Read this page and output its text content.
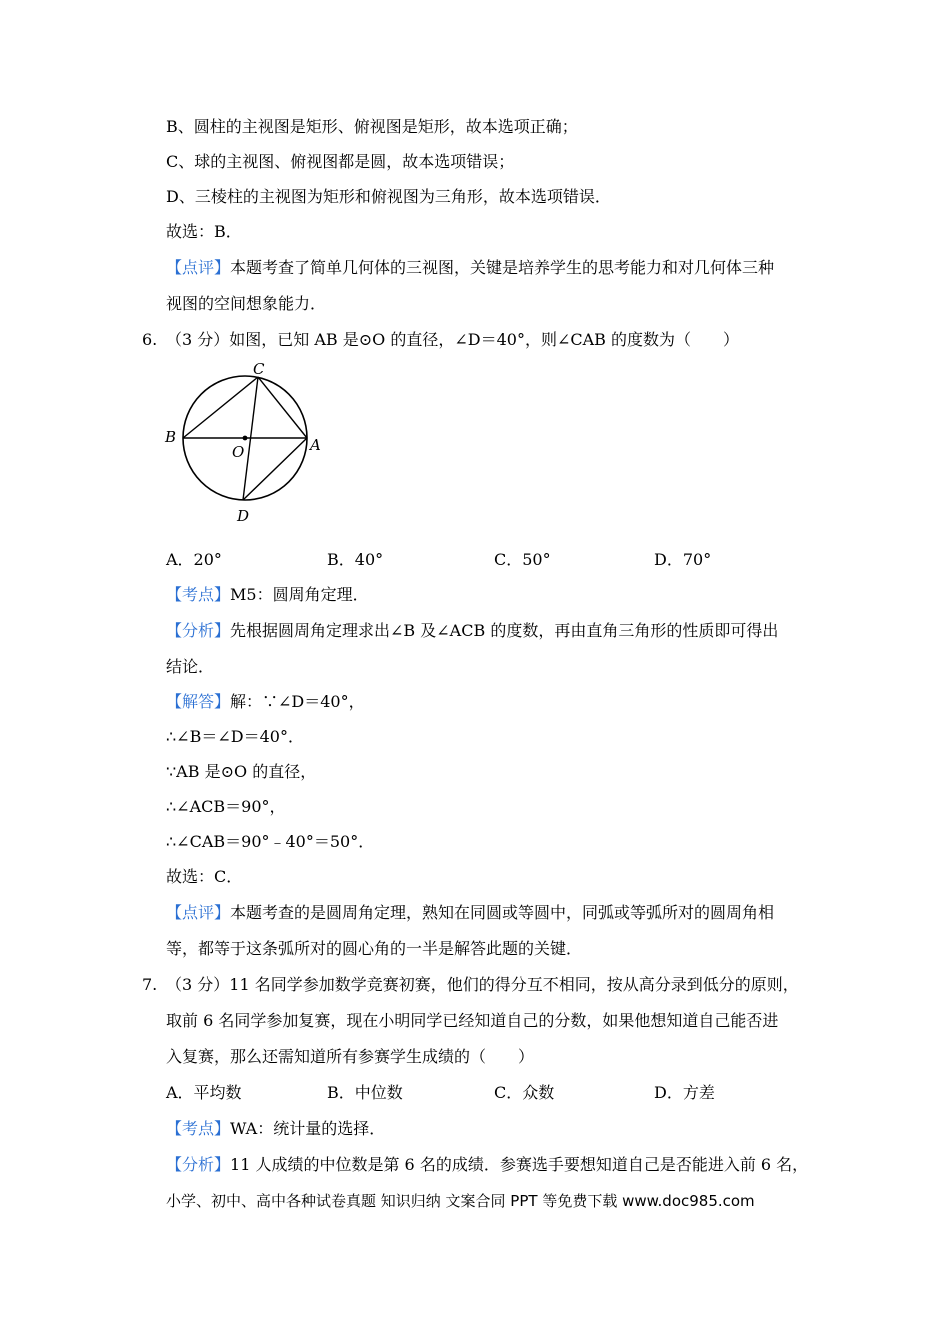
B、圆柱的主视图是矩形、俯视图是矩形，故本选项正确；
C、球的主视图、俯视图都是圆，故本选项错误；
D、三棱柱的主视图为矩形和俯视图为三角形，故本选项错误．
故选：B．
【点评】本题考查了简单几何体的三视图，关键是培养学生的思考能力和对几何体三种
视图的空间想象能力．
6. （3 分）如图，已知 AB 是⊙O 的直径，∠D＝40°，则∠CAB 的度数为（　　）
C
B	A
O
D
A．20°	B．40°	C．50°	D．70°
【考点】M5：圆周角定理．
【分析】先根据圆周角定理求出∠B 及∠ACB 的度数，再由直角三角形的性质即可得出
结论．
【解答】解：∵∠D＝40°，
∴∠B＝∠D＝40°．
∵AB 是⊙O 的直径，
∴∠ACB＝90°，
∴∠CAB＝90°﹣40°＝50°．
故选：C．
【点评】本题考查的是圆周角定理，熟知在同圆或等圆中，同弧或等弧所对的圆周角相
等，都等于这条弧所对的圆心角的一半是解答此题的关键．
7. （3 分）11 名同学参加数学竞赛初赛，他们的得分互不相同，按从高分录到低分的原则，
取前 6 名同学参加复赛，现在小明同学已经知道自己的分数，如果他想知道自己能否进
入复赛，那么还需知道所有参赛学生成绩的（　　）
A．平均数	B．中位数	C．众数	D．方差
【考点】WA：统计量的选择．
【分析】11 人成绩的中位数是第 6 名的成绩．参赛选手要想知道自己是否能进入前 6 名，
小学、初中、高中各种试卷真题 知识归纳 文案合同 PPT 等免费下载 www.doc985.com
